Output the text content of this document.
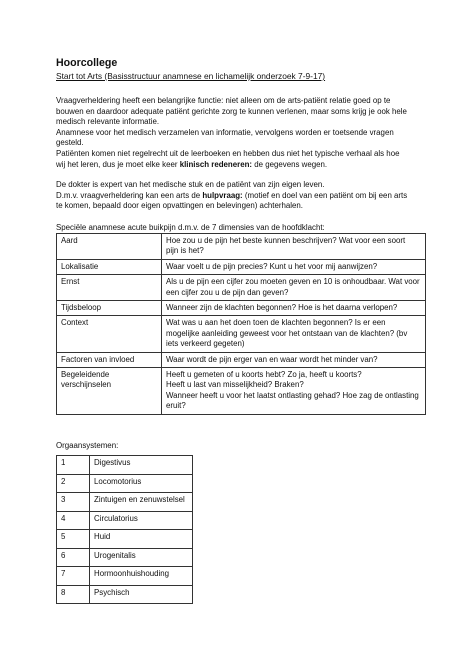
Hoorcollege
Start tot Arts (Basisstructuur anamnese en lichamelijk onderzoek 7-9-17)
Vraagverheldering heeft een belangrijke functie: niet alleen om de arts-patiënt relatie goed op te
bouwen en daardoor adequate patiënt gerichte zorg te kunnen verlenen, maar soms krijg je ook hele
medisch relevante informatie.
Anamnese voor het medisch verzamelen van informatie, vervolgens worden er toetsende vragen
gesteld.
Patiënten komen niet regelrecht uit de leerboeken en hebben dus niet het typische verhaal als hoe
wij het leren, dus je moet elke keer klinisch redeneren: de gegevens wegen.
De dokter is expert van het medische stuk en de patiënt van zijn eigen leven.
D.m.v. vraagverheldering kan een arts de hulpvraag: (motief en doel van een patiënt om bij een arts
te komen, bepaald door eigen opvattingen en belevingen) achterhalen.
Speciële anamnese acute buikpijn d.m.v. de 7 dimensies van de hoofdklacht:
Aard	Hoe zou u de pijn het beste kunnen beschrijven? Wat voor een soort
pijn is het?

Lokalisatie	Waar voelt u de pijn precies? Kunt u het voor mij aanwijzen?

Ernst	Als u de pijn een cijfer zou moeten geven en 10 is onhoudbaar. Wat voor
een cijfer zou u de pijn dan geven?

Tijdsbeloop	Wanneer zijn de klachten begonnen? Hoe is het daarna verlopen?

Context	Wat was u aan het doen toen de klachten begonnen? Is er een
mogelijke aanleiding geweest voor het ontstaan van de klachten? (bv
iets verkeerd gegeten)

Factoren van invloed	Waar wordt de pijn erger van en waar wordt het minder van?

Begeleidende verschijnselen	Heeft u gemeten of u koorts hebt? Zo ja, heeft u koorts?
Heeft u last van misselijkheid? Braken?
Wanneer heeft u voor het laatst ontlasting gehad? Hoe zag de ontlasting
eruit?
Orgaansystemen:
1	Digestivus
2	Locomotorius
3	Zintuigen en zenuwstelsel
4	Circulatorius
5	Huid
6	Urogenitalis
7	Hormoonhuishouding
8	Psychisch
